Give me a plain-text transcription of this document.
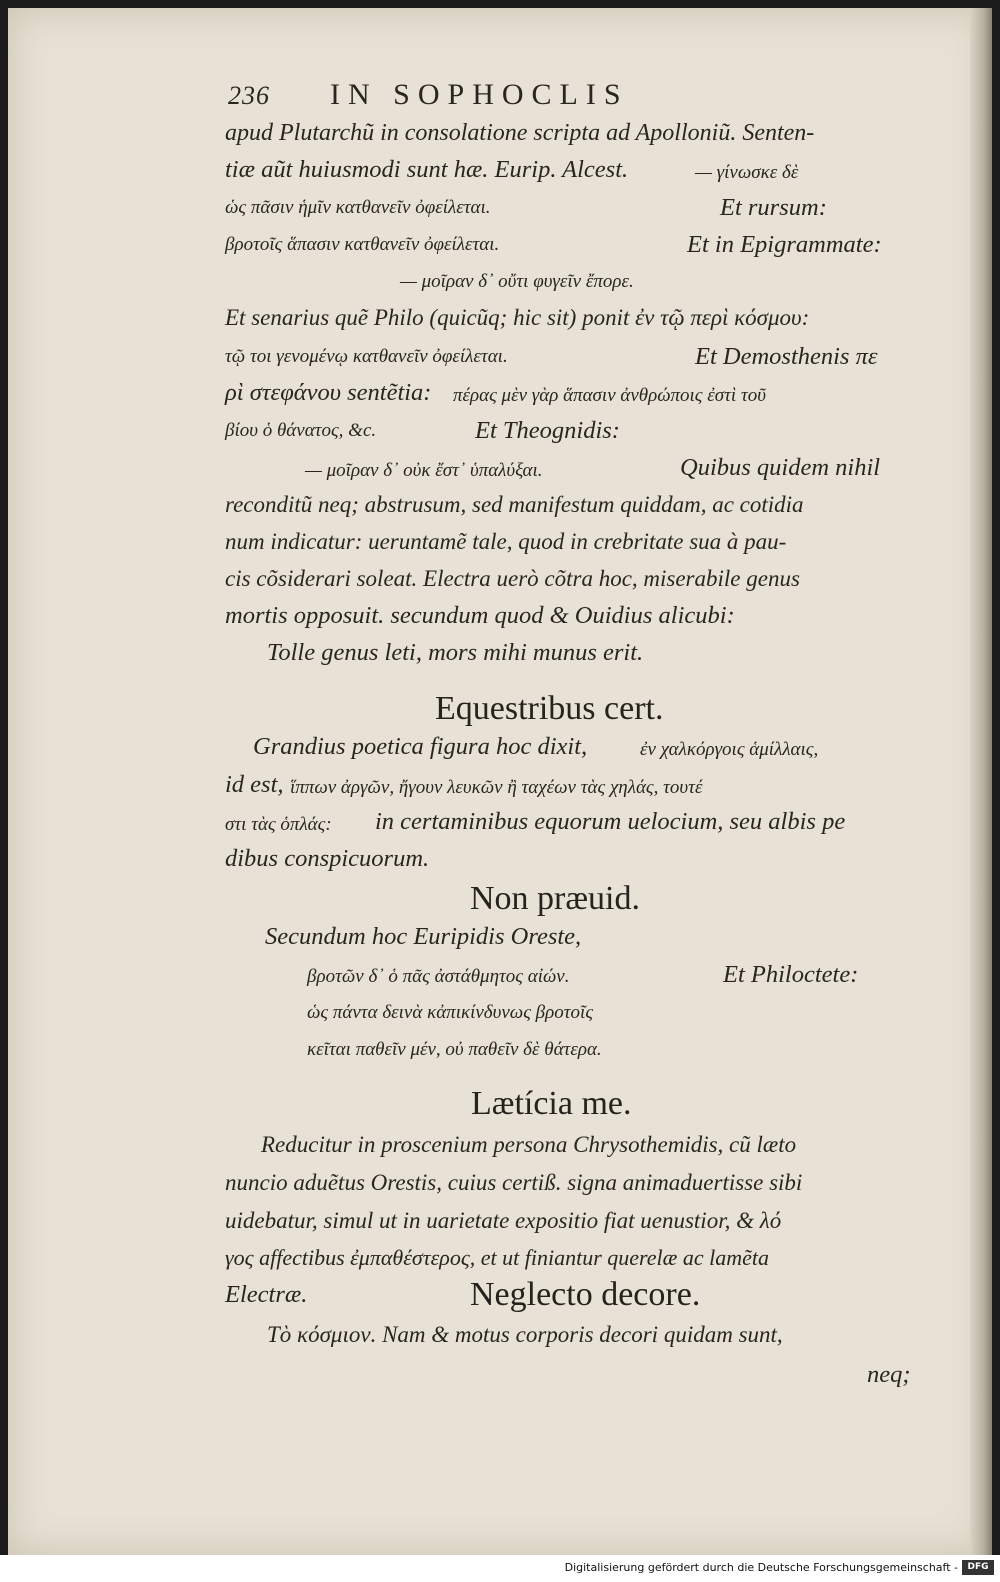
236 IN SOPHOCLIS
apud Plutarchũ in consolatione scripta ad Apolloniũ. Senten-
tiæ aũt huiusmodi sunt hæ. Eurip. Alcest.	— γίνωσκε δὲ
ὡς πᾶσιν ἡμῖν κατθανεῖν ὀφείλεται.	Et rursum:
βροτοῖς ἅπασιν κατθανεῖν ὀφείλεται.	Et in Epigrammate:
— μοῖραν δ᾽ οὔτι φυγεῖν ἔπορε.
Et senarius quẽ Philo (quicũq; hic sit) ponit ἐν τῷ περὶ κόσμου:
τῷ τοι γενομένῳ κατθανεῖν ὀφείλεται.	Et Demosthenis πε
ρὶ στεφάνου sentẽtia: πέρας μὲν γὰρ ἅπασιν ἀνθρώποις ἐστὶ τοῦ
βίου ὁ θάνατος, &c.	Et Theognidis:
— μοῖραν δ᾽ οὐκ ἔστ᾽ ὑπαλύξαι.	Quibus quidem nihil
reconditũ neq; abstrusum, sed manifestum quiddam, ac cotidia
num indicatur: ueruntamẽ tale, quod in crebritate sua à pau-
cis cõsiderari soleat. Electra uerò cõtra hoc, miserabile genus
mortis opposuit. secundum quod & Ouidius alicubi:
Tolle genus leti, mors mihi munus erit.
Equestribus cert.
Grandius poetica figura hoc dixit,	ἐν χαλκόργοις ἁμίλλαις,
id est, ἵππων ἀργῶν, ἤγουν λευκῶν ἢ ταχέων τὰς χηλάς, τουτέ
στι τὰς ὁπλάς: in certaminibus equorum uelocium, seu albis pe
dibus conspicuorum.
Non præuid.
Secundum hoc Euripidis Oreste,
βροτῶν δ᾽ ὁ πᾶς ἀστάθμητος αἰών.	Et Philoctete:
ὡς πάντα δεινὰ κἀπικίνδυνως βροτοῖς
κεῖται παθεῖν μέν, οὐ παθεῖν δὲ θάτερα.
Lætícia me.
Reducitur in proscenium persona Chrysothemidis, cũ læto
nuncio aduẽtus Orestis, cuius certiß. signa animaduertisse sibi
uidebatur, simul ut in uarietate expositio fiat uenustior, & λό
γος affectibus ἐμπαθέστερος, et ut finiantur querelæ ac lamẽta
Electræ.	Neglecto decore.
Τὸ κόσμιον. Nam & motus corporis decori quidam sunt,
neq;
Digitalisierung gefördert durch die Deutsche Forschungsgemeinschaft -	DFG
